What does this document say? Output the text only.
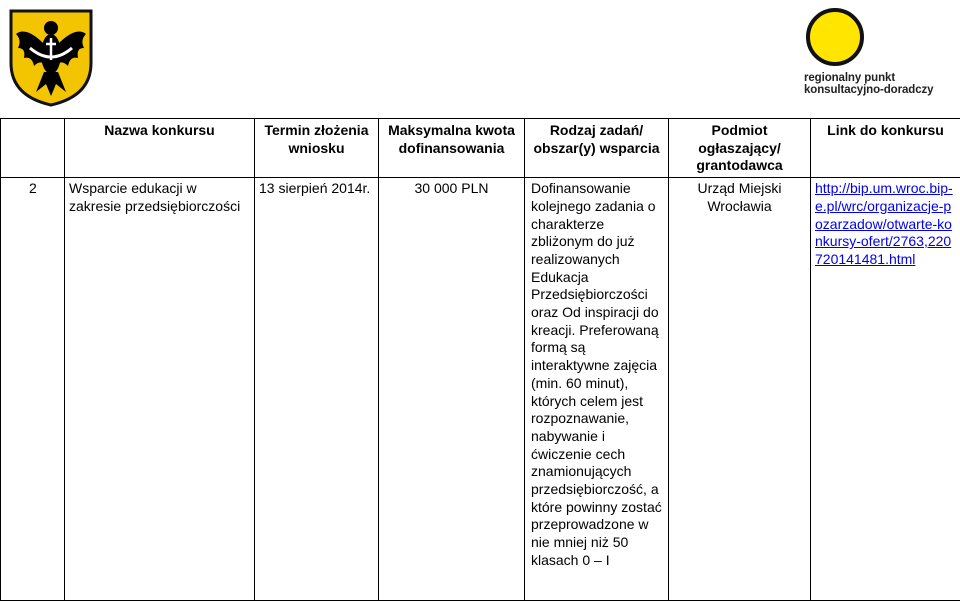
regionalny punkt
konsultacyjno-doradczy
	Nazwa konkursu	Termin złożenia wniosku	Maksymalna kwota dofinansowania	Rodzaj zadań/ obszar(y) wsparcia	Podmiot ogłaszający/ grantodawca	Link do konkursu
2	Wsparcie edukacji w zakresie przedsiębiorczości	13 sierpień 2014r.	30 000 PLN	Dofinansowanie kolejnego zadania o charakterze zbliżonym do już realizowanych Edukacja Przedsiębiorczości oraz Od inspiracji do kreacji. Preferowaną formą są interaktywne zajęcia (min. 60 minut), których celem jest rozpoznawanie, nabywanie i ćwiczenie cech znamionujących przedsiębiorczość, a które powinny zostać przeprowadzone w nie mniej niż 50 klasach 0 – I	Urząd Miejski Wrocławia	http://bip.um.wroc.bip-e.pl/wrc/organizacje-pozarzadow/otwarte-konkursy-ofert/2763,220720141481.html
